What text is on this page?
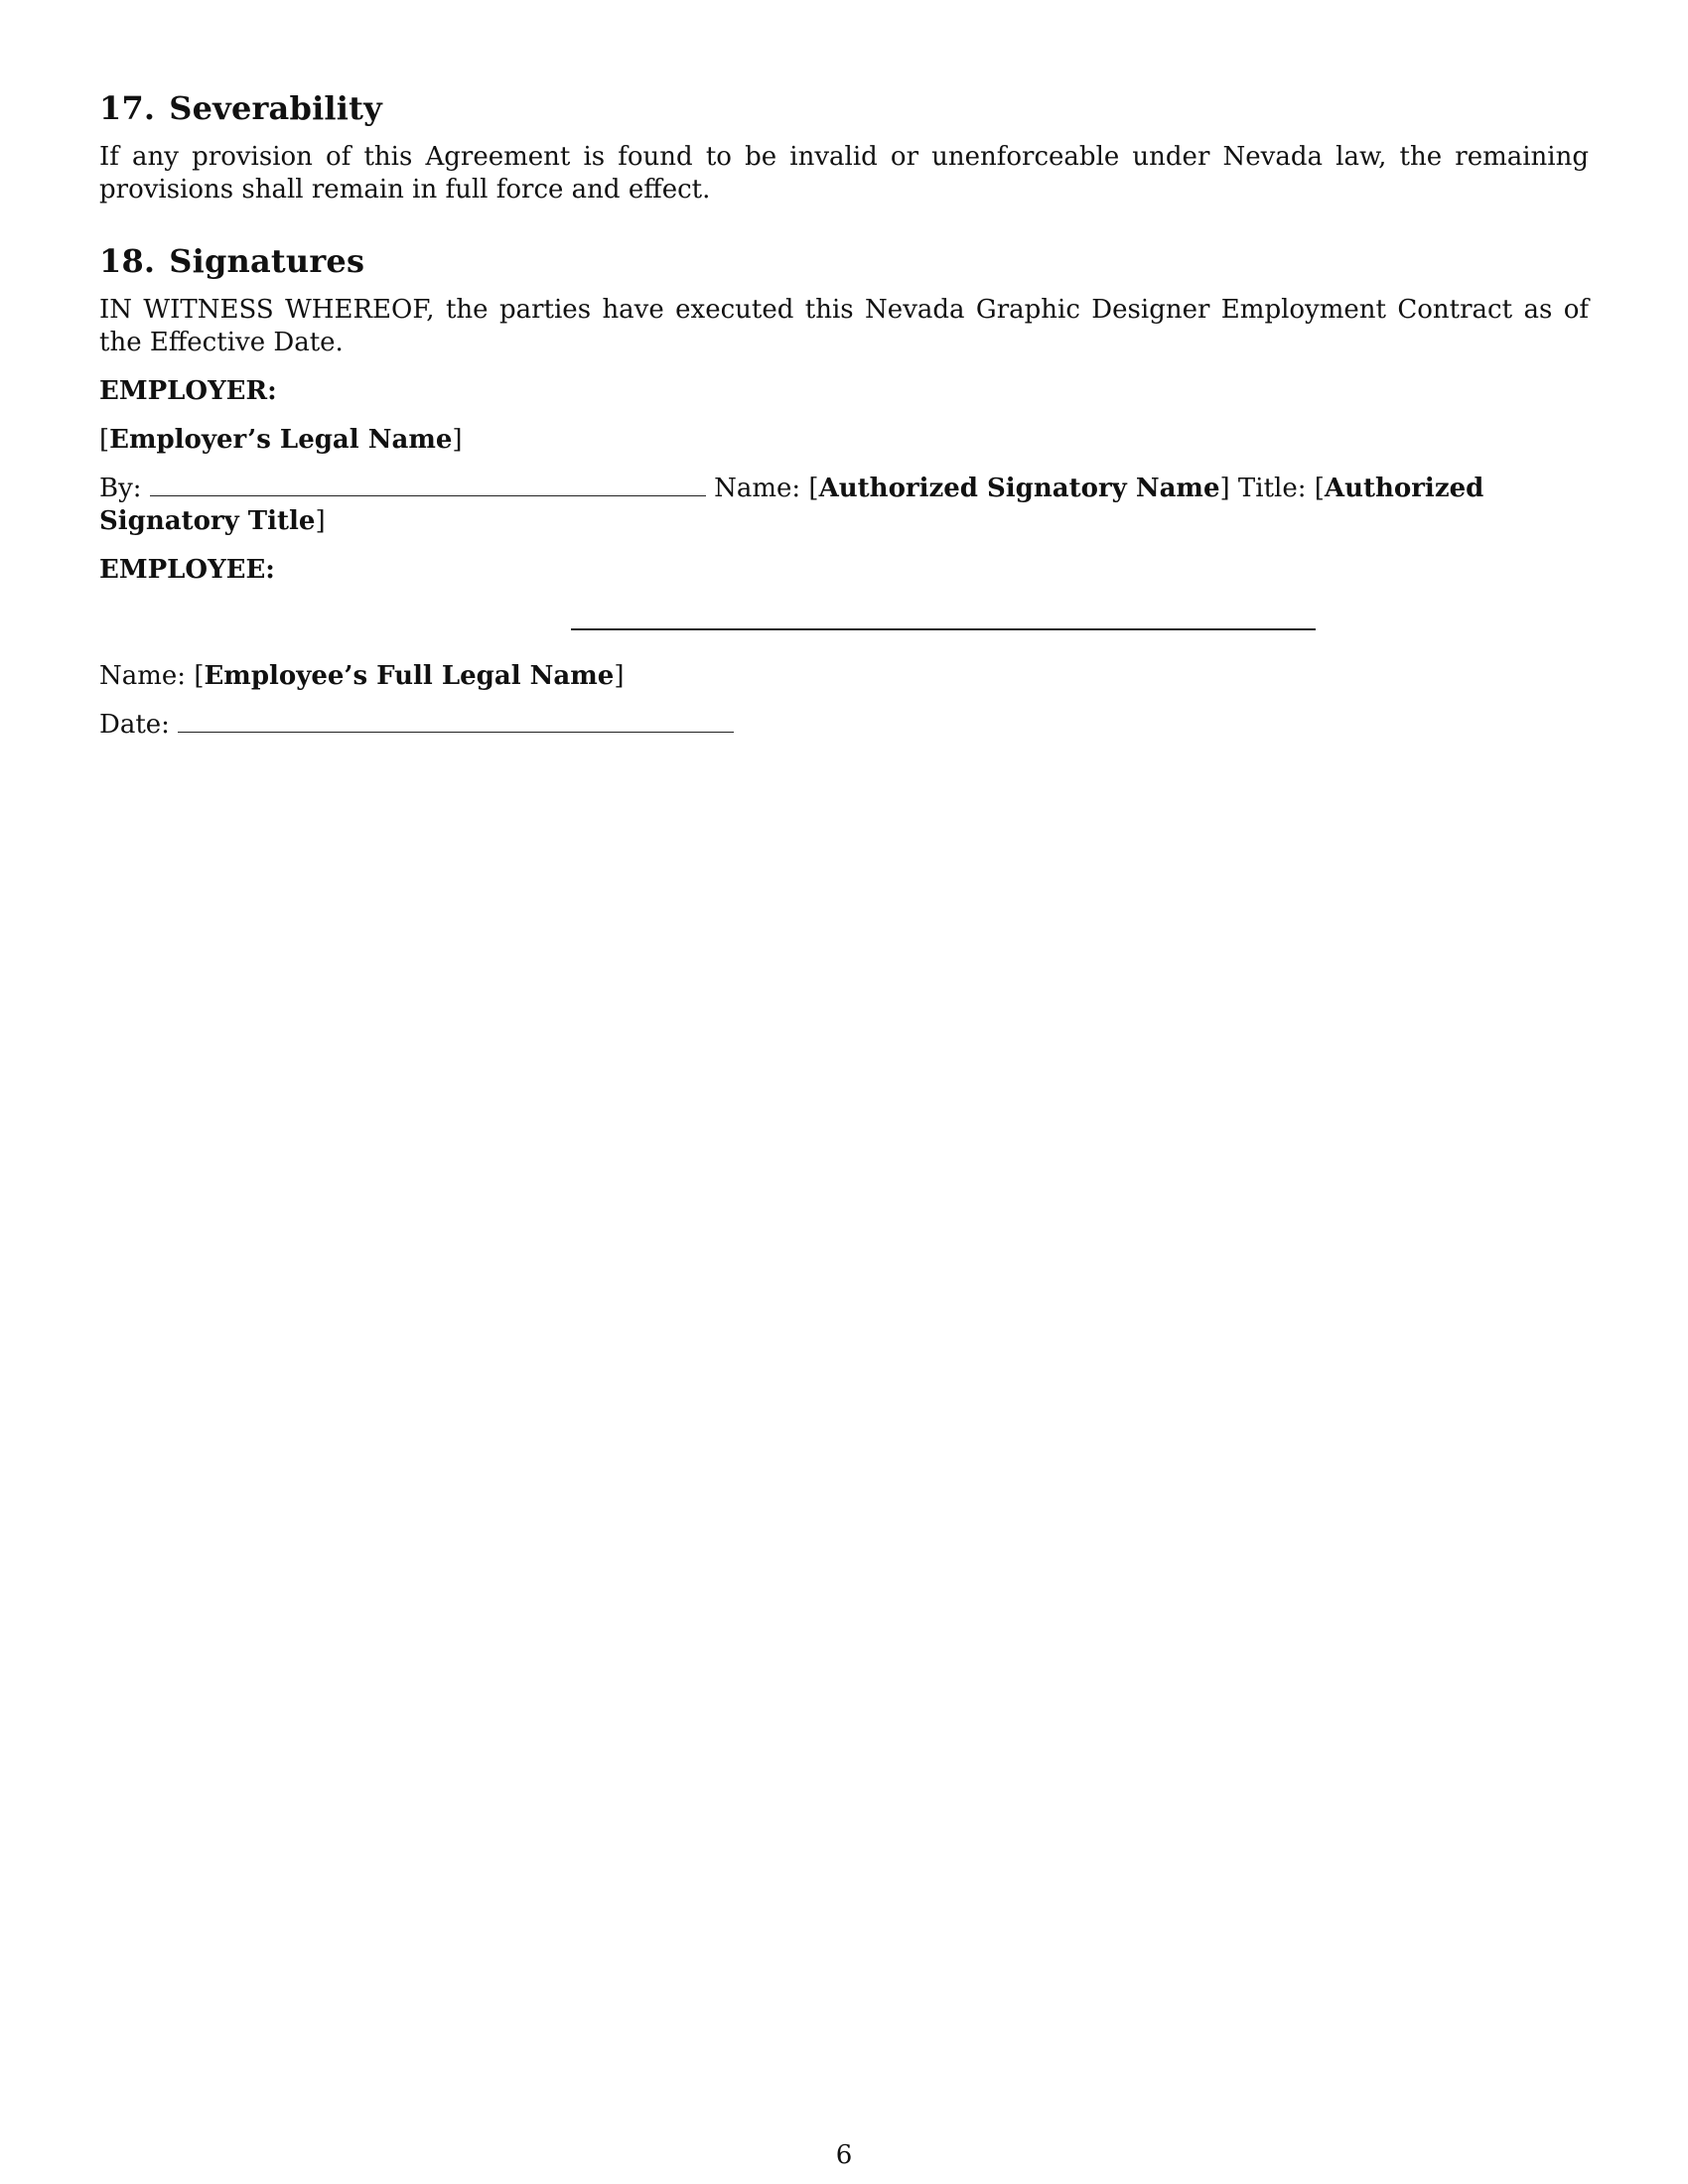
17. Severability

If any provision of this Agreement is found to be invalid or unenforceable under Nevada law, the remaining provisions shall remain in full force and effect.

18. Signatures

IN WITNESS WHEREOF, the parties have executed this Nevada Graphic Designer Employment Contract as of the Effective Date.

EMPLOYER:
[Employer’s Legal Name]
By:	Name: [Authorized Signatory Name] Title: [Authorized Signatory Title]
EMPLOYEE:
Name: [Employee’s Full Legal Name]
Date:
6
